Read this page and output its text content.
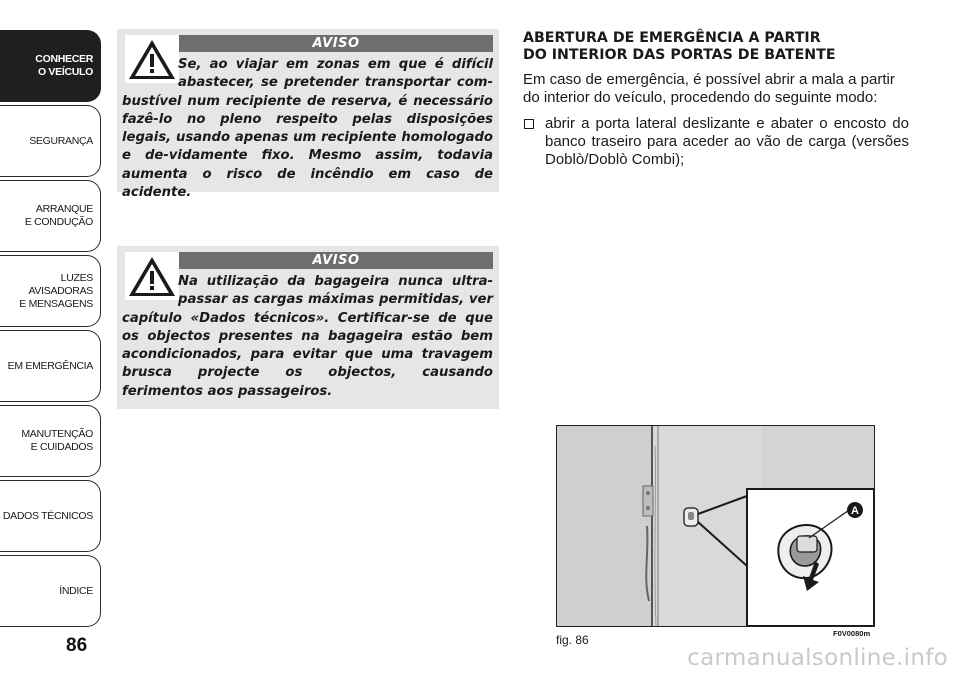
CONHECER
O VEÍCULO
SEGURANÇA
ARRANQUE
E CONDUÇÃO
LUZES AVISADORAS
E MENSAGENS
EM EMERGÊNCIA
MANUTENÇÃO
E CUIDADOS
DADOS TÉCNICOS
ÍNDICE
86
AVISO
Se, ao viajar em zonas em que é difícil abastecer, se pretender transportar com-bustível num recipiente de reserva, é necessário fazê-lo no pleno respeito pelas disposições legais, usando apenas um recipiente homologado e de-vidamente fixo. Mesmo assim, todavia aumenta o risco de incêndio em caso de acidente.
AVISO
Na utilização da bagageira nunca ultra-passar as cargas máximas permitidas, ver capítulo «Dados técnicos». Certificar-se de que os objectos presentes na bagageira estão bem acondicionados, para evitar que uma travagem brusca projecte os objectos, causando ferimentos aos passageiros.
ABERTURA DE EMERGÊNCIA A PARTIR
DO INTERIOR DAS PORTAS DE BATENTE
Em caso de emergência, é possível abrir a mala a partir do interior do veículo, procedendo do seguinte modo:
abrir a porta lateral deslizante e abater o encosto do banco traseiro para aceder ao vão de carga (versões Doblò/Doblò Combi);
A
fig. 86	F0V0080m
carmanualsonline.info
